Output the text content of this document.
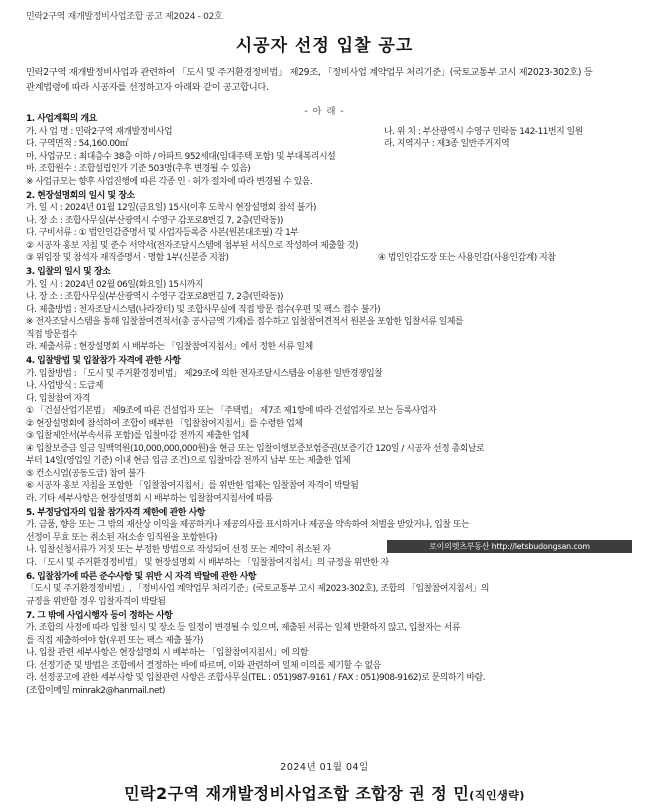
민락2구역 재개발정비사업조합 공고 제2024 - 02호
시공자 선정 입찰 공고
민락2구역 재개발정비사업과 관련하여 「도시 및 주거환경정비법」 제29조, 「정비사업 계약업무 처리기준」(국토교통부 고시 제2023-302호) 등 관계법령에 따라 시공자를 선정하고자 아래와 같이 공고합니다.
- 아 래 -
1. 사업계획의 개요
가. 사 업 명 : 민락2구역 재개발정비사업	나. 위 치 : 부산광역시 수영구 민락동 142-11번지 일원
다. 구역면적 : 54,160.00㎡	라. 지역지구 : 제3종 일반주거지역
마. 사업규모 : 최대층수 38층 이하 / 아파트 952세대(임대주택 포함) 및 부대복리시설
바. 조합원수 : 조합설립인가 기준 503명(추후 변경될 수 있음)
※ 사업규모는 향후 사업진행에 따른 각종 인 · 허가 절차에 따라 변경될 수 있음.
2. 현장설명회의 일시 및 장소
가. 일 시 : 2024년 01월 12일(금요일) 15시(이후 도착시 현장설명회 참석 불가)
나. 장 소 : 조합사무실(부산광역시 수영구 감포로8번길 7, 2층(민락동))
다. 구비서류 : ① 법인인감증명서 및 사업자등록증 사본(원본대조필) 각 1부
② 시공자 홍보 지침 및 준수 서약서(전자조달시스템에 첨부된 서식으로 작성하여 제출할 것)
③ 위임장 및 참석자 재직증명서 · 명함 1부(신분증 지참)	④ 법인인감도장 또는 사용인감(사용인감계) 지참
3. 입찰의 일시 및 장소
가. 일 시 : 2024년 02월 06일(화요일) 15시까지
나. 장 소 : 조합사무실(부산광역시 수영구 감포로8번길 7, 2층(민락동))
다. 제출방법 : 전자조달시스템(나라장터) 및 조합사무실에 직접 방문 접수(우편 및 팩스 접수 불가)
※ 전자조달시스템을 통해 입찰참여견적서(총 공사금액 기재)를 접수하고 입찰참여견적서 원본을 포함한 입찰서류 일체를
직접 방문접수
라. 제출서류 : 현장설명회 시 배부하는 「입찰참여지침서」에서 정한 서류 일체
4. 입찰방법 및 입찰참가 자격에 관한 사항
가. 입찰방법 : 「도시 및 주거환경정비법」 제29조에 의한 전자조달시스템을 이용한 일반경쟁입찰
나. 사업방식 : 도급제
다. 입찰참여 자격
① 「건설산업기본법」 제9조에 따른 건설업자 또는 「주택법」 제7조 제1항에 따라 건설업자로 보는 등록사업자
② 현장설명회에 참석하여 조합이 배부한 「입찰참여지침서」를 수령한 업체
③ 입찰제안서(부속서류 포함)를 입찰마감 전까지 제출한 업체
④ 입찰보증금 일금 일백억원(10,000,000,000원)을 현금 또는 입찰이행보증보험증권(보증기간 120일 / 시공자 선정 총회날로
부터 14일(영업일 기준) 이내 현금 입금 조건)으로 입찰마감 전까지 납부 또는 제출한 업체
⑤ 컨소시엄(공동도급) 참여 불가
⑥ 시공자 홍보 지침을 포함한 「입찰참여지침서」를 위반한 업체는 입찰참여 자격이 박탈됨
라. 기타 세부사항은 현장설명회 시 배부하는 입찰참여지침서에 따름
5. 부정당업자의 입찰 참가자격 제한에 관한 사항
가. 금품, 향응 또는 그 밖의 재산상 이익을 제공하거나 제공의사를 표시하거나 제공을 약속하여 처벌을 받았거나, 입찰 또는
선정이 무효 또는 취소된 자(소송 임직원을 포함한다)
나. 입찰신청서류가 거짓 또는 부정한 방법으로 작성되어 선정 또는 계약이 취소된 자
다. 「도시 및 주거환경정비법」 및 현장설명회 시 배부하는 「입찰참여지침서」의 규정을 위반한 자
6. 입찰참가에 따른 준수사항 및 위반 시 자격 박탈에 관한 사항
「도시 및 주거환경정비법」, 「정비사업 계약업무 처리기준」(국토교통부 고시 제2023-302호), 조합의 「입찰참여지침서」의
규정을 위반할 경우 입찰자격이 박탈됨
7. 그 밖에 사업시행자 등이 정하는 사항
가. 조합의 사정에 따라 입찰 일시 및 장소 등 일정이 변경될 수 있으며, 제출된 서류는 일체 반환하지 않고, 입찰자는 서류
를 직접 제출하여야 함(우편 또는 팩스 제출 불가)
나. 입찰 관련 세부사항은 현장설명회 시 배부하는 「입찰참여지침서」에 의함
다. 선정기준 및 방법은 조합에서 결정하는 바에 따르며, 이와 관련하여 일체 이의를 제기할 수 없음
라. 선정공고에 관한 세부사항 및 입찰관련 사항은 조합사무실(TEL : 051)987-9161 / FAX : 051)908-9162)로 문의하기 바람.
(조합이메일 minrak2@hanmail.net)
로이의렛츠부동산 http://letsbudongsan.com
2024년 01월 04일
민락2구역 재개발정비사업조합 조합장 권 정 민(직인생략)
